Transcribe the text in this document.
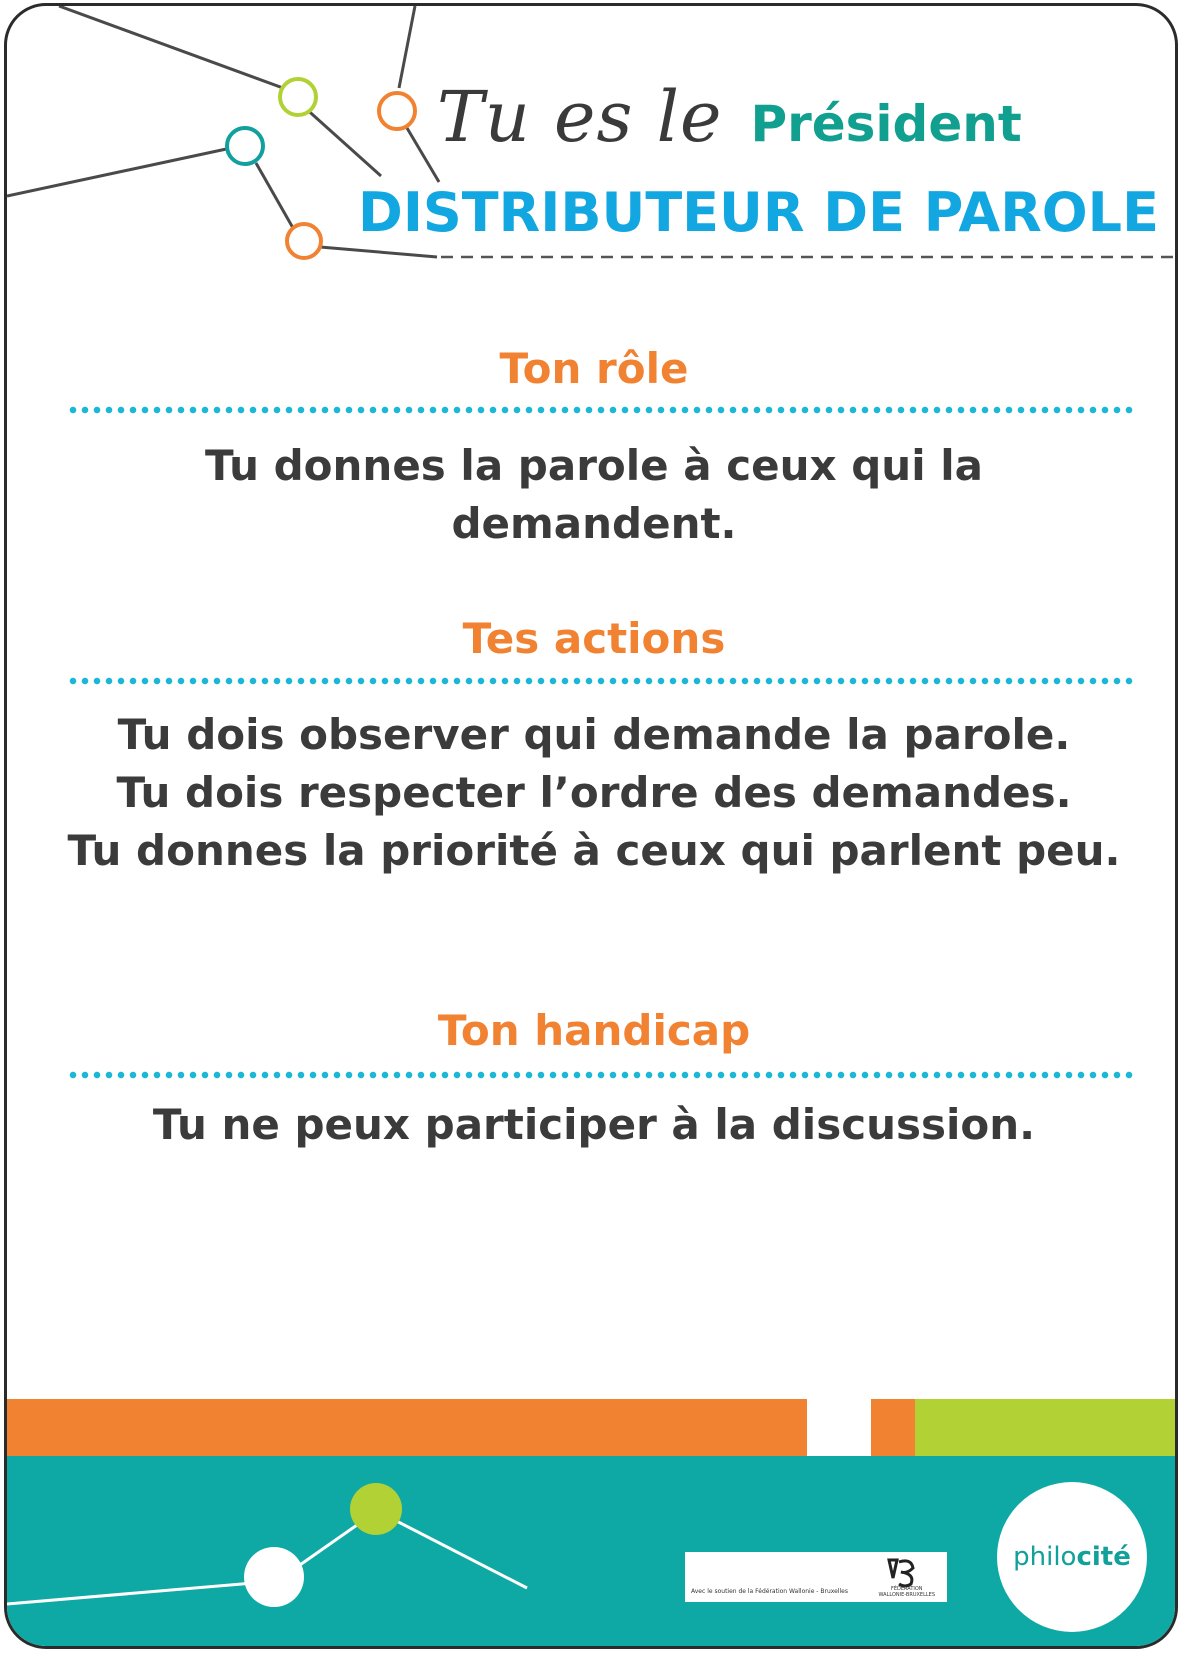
Tu es le Président
DISTRIBUTEUR DE PAROLE
Ton rôle
Tu donnes la parole à ceux qui la
demandent.
Tes actions
Tu dois observer qui demande la parole.
Tu dois respecter l’ordre des demandes.
Tu donnes la priorité à ceux qui parlent peu.
Ton handicap
Tu ne peux participer à la discussion.
Avec le soutien de la Fédération Wallonie - Bruxelles	FÉDÉRATION
WALLONIE-BRUXELLES
philocité
